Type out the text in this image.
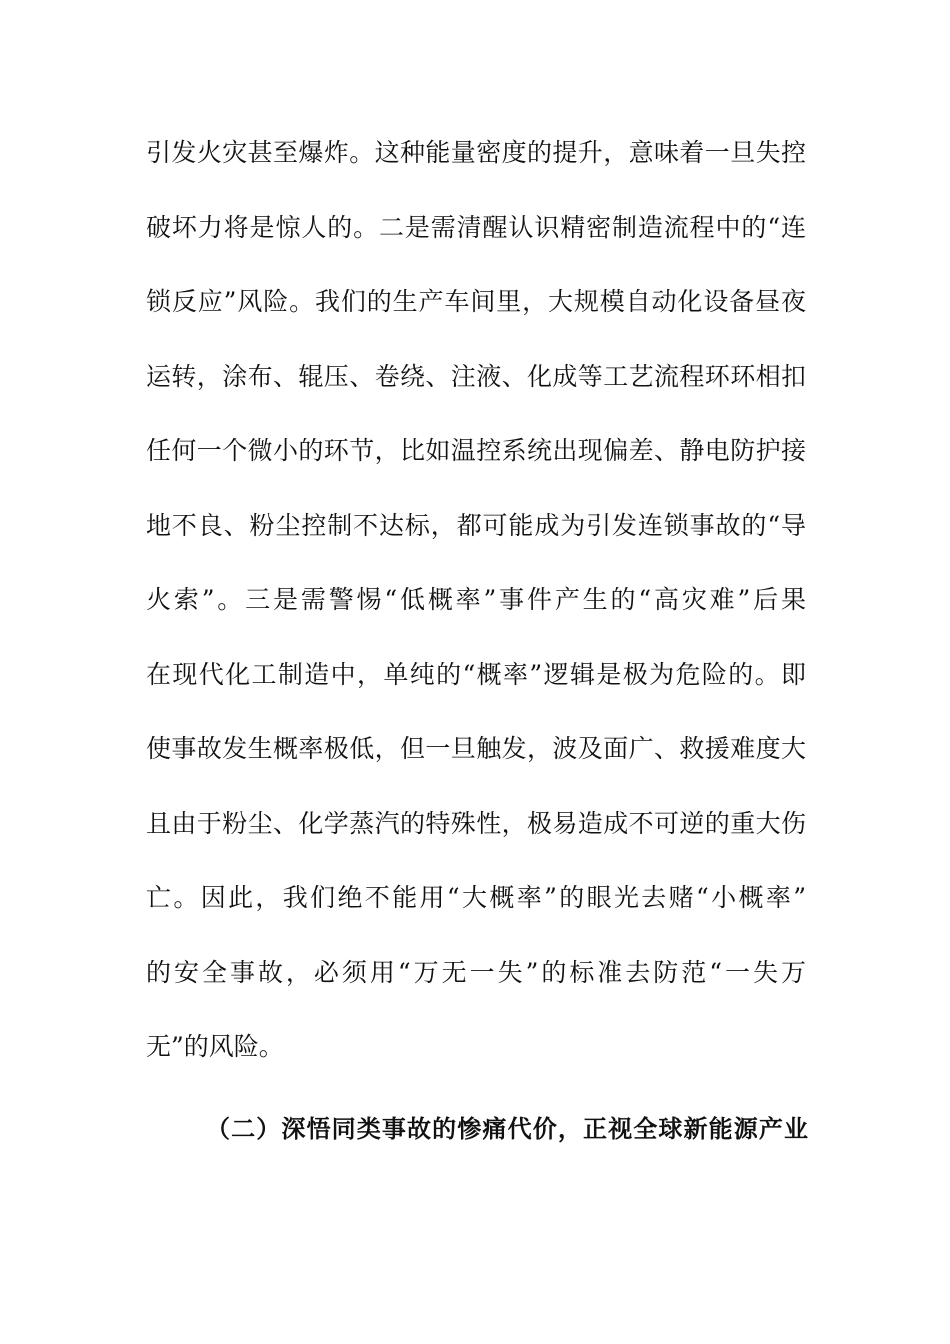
引发火灾甚至爆炸。这种能量密度的提升，意味着一旦失控
破坏力将是惊人的。二是需清醒认识精密制造流程中的“连
锁反应”风险。我们的生产车间里，大规模自动化设备昼夜
运转，涂布、辊压、卷绕、注液、化成等工艺流程环环相扣
任何一个微小的环节，比如温控系统出现偏差、静电防护接
地不良、粉尘控制不达标，都可能成为引发连锁事故的“导
火索”。三是需警惕“低概率”事件产生的“高灾难”后果
在现代化工制造中，单纯的“概率”逻辑是极为危险的。即
使事故发生概率极低，但一旦触发，波及面广、救援难度大
且由于粉尘、化学蒸汽的特殊性，极易造成不可逆的重大伤
亡。因此，我们绝不能用“大概率”的眼光去赌“小概率”
的安全事故，必须用“万无一失”的标准去防范“一失万
无”的风险。
（二）深悟同类事故的惨痛代价，正视全球新能源产业
